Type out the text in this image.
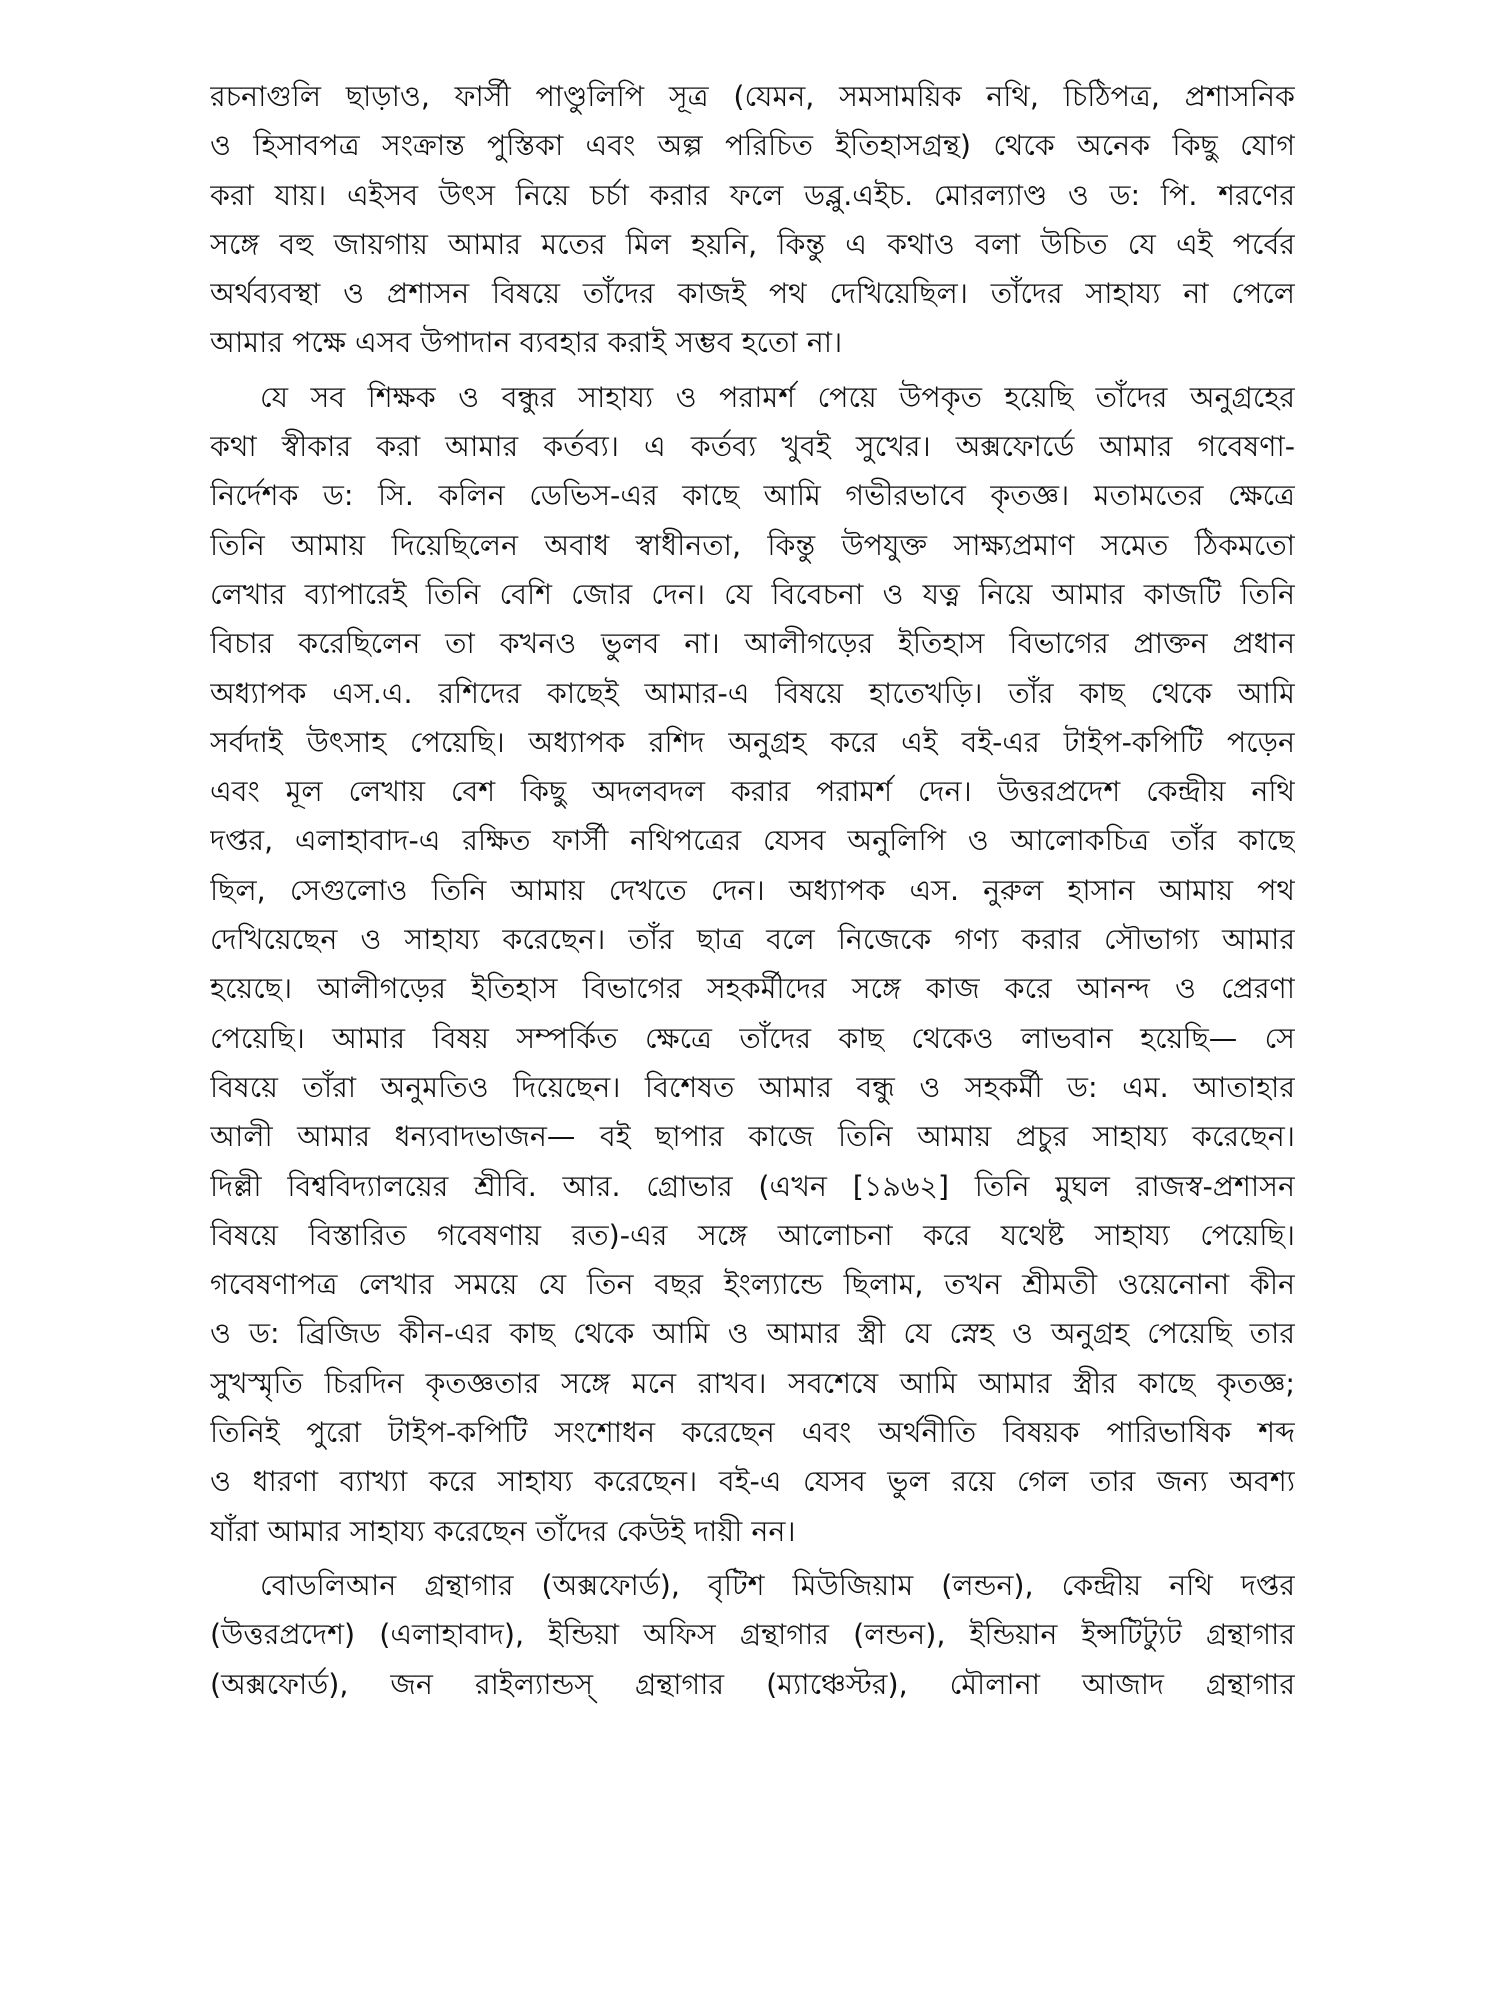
রচনাগুলি ছাড়াও, ফার্সী পাণ্ডুলিপি সূত্র (যেমন, সমসাময়িক নথি, চিঠিপত্র, প্রশাসনিক
ও হিসাবপত্র সংক্রান্ত পুস্তিকা এবং অল্প পরিচিত ইতিহাসগ্রন্থ) থেকে অনেক কিছু যোগ
করা যায়। এইসব উৎস নিয়ে চর্চা করার ফলে ডব্লু.এইচ. মোরল্যাণ্ড ও ড: পি. শরণের
সঙ্গে বহু জায়গায় আমার মতের মিল হয়নি, কিন্তু এ কথাও বলা উচিত যে এই পর্বের
অর্থব্যবস্থা ও প্রশাসন বিষয়ে তাঁদের কাজই পথ দেখিয়েছিল। তাঁদের সাহায্য না পেলে
আমার পক্ষে এসব উপাদান ব্যবহার করাই সম্ভব হতো না।

যে সব শিক্ষক ও বন্ধুর সাহায্য ও পরামর্শ পেয়ে উপকৃত হয়েছি তাঁদের অনুগ্রহের
কথা স্বীকার করা আমার কর্তব্য। এ কর্তব্য খুবই সুখের। অক্সফোর্ডে আমার গবেষণা-
নির্দেশক ড: সি. কলিন ডেভিস-এর কাছে আমি গভীরভাবে কৃতজ্ঞ। মতামতের ক্ষেত্রে
তিনি আমায় দিয়েছিলেন অবাধ স্বাধীনতা, কিন্তু উপযুক্ত সাক্ষ্যপ্রমাণ সমেত ঠিকমতো
লেখার ব্যাপারেই তিনি বেশি জোর দেন। যে বিবেচনা ও যত্ন নিয়ে আমার কাজটি তিনি
বিচার করেছিলেন তা কখনও ভুলব না। আলীগড়ের ইতিহাস বিভাগের প্রাক্তন প্রধান
অধ্যাপক এস.এ. রশিদের কাছেই আমার-এ বিষয়ে হাতেখড়ি। তাঁর কাছ থেকে আমি
সর্বদাই উৎসাহ পেয়েছি। অধ্যাপক রশিদ অনুগ্রহ করে এই বই-এর টাইপ-কপিটি পড়েন
এবং মূল লেখায় বেশ কিছু অদলবদল করার পরামর্শ দেন। উত্তরপ্রদেশ কেন্দ্রীয় নথি
দপ্তর, এলাহাবাদ-এ রক্ষিত ফার্সী নথিপত্রের যেসব অনুলিপি ও আলোকচিত্র তাঁর কাছে
ছিল, সেগুলোও তিনি আমায় দেখতে দেন। অধ্যাপক এস. নুরুল হাসান আমায় পথ
দেখিয়েছেন ও সাহায্য করেছেন। তাঁর ছাত্র বলে নিজেকে গণ্য করার সৌভাগ্য আমার
হয়েছে। আলীগড়ের ইতিহাস বিভাগের সহকর্মীদের সঙ্গে কাজ করে আনন্দ ও প্রেরণা
পেয়েছি। আমার বিষয় সম্পর্কিত ক্ষেত্রে তাঁদের কাছ থেকেও লাভবান হয়েছি— সে
বিষয়ে তাঁরা অনুমতিও দিয়েছেন। বিশেষত আমার বন্ধু ও সহকর্মী ড: এম. আতাহার
আলী আমার ধন্যবাদভাজন— বই ছাপার কাজে তিনি আমায় প্রচুর সাহায্য করেছেন।
দিল্লী বিশ্ববিদ্যালয়ের শ্রীবি. আর. গ্রোভার (এখন [১৯৬২] তিনি মুঘল রাজস্ব-প্রশাসন
বিষয়ে বিস্তারিত গবেষণায় রত)-এর সঙ্গে আলোচনা করে যথেষ্ট সাহায্য পেয়েছি।
গবেষণাপত্র লেখার সময়ে যে তিন বছর ইংল্যান্ডে ছিলাম, তখন শ্রীমতী ওয়েনোনা কীন
ও ড: ব্রিজিড কীন-এর কাছ থেকে আমি ও আমার স্ত্রী যে স্নেহ ও অনুগ্রহ পেয়েছি তার
সুখস্মৃতি চিরদিন কৃতজ্ঞতার সঙ্গে মনে রাখব। সবশেষে আমি আমার স্ত্রীর কাছে কৃতজ্ঞ;
তিনিই পুরো টাইপ-কপিটি সংশোধন করেছেন এবং অর্থনীতি বিষয়ক পারিভাষিক শব্দ
ও ধারণা ব্যাখ্যা করে সাহায্য করেছেন। বই-এ যেসব ভুল রয়ে গেল তার জন্য অবশ্য
যাঁরা আমার সাহায্য করেছেন তাঁদের কেউই দায়ী নন।

বোডলিআন গ্রন্থাগার (অক্সফোর্ড), বৃটিশ মিউজিয়াম (লন্ডন), কেন্দ্রীয় নথি দপ্তর
(উত্তরপ্রদেশ) (এলাহাবাদ), ইন্ডিয়া অফিস গ্রন্থাগার (লন্ডন), ইন্ডিয়ান ইন্সটিট্যুট গ্রন্থাগার
(অক্সফোর্ড), জন রাইল্যান্ডস্ গ্রন্থাগার (ম্যাঞ্চেস্টর), মৌলানা আজাদ গ্রন্থাগার
